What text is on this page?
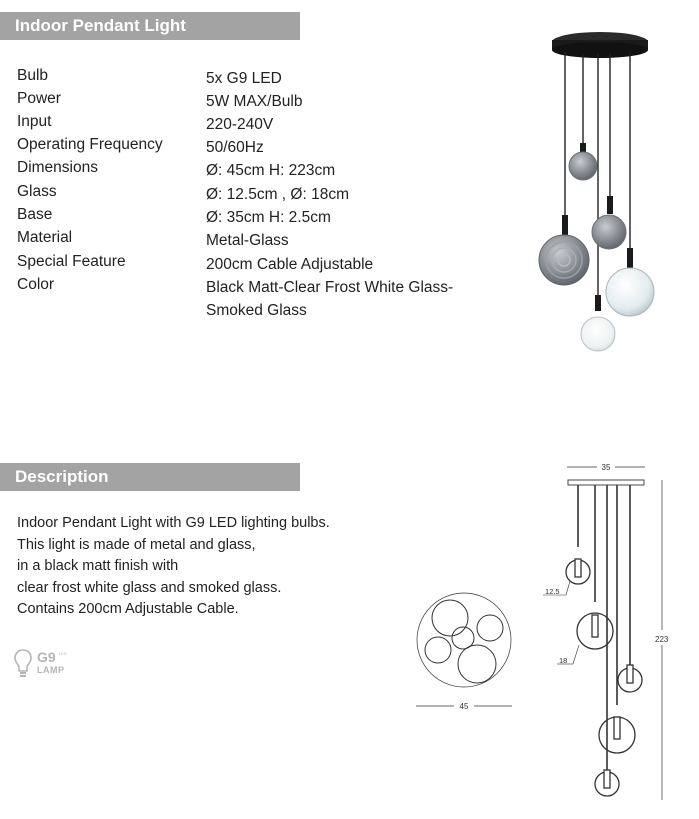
Indoor Pendant Light
Bulb	5x G9 LED
Power	5W MAX/Bulb
Input	220-240V
Operating Frequency	50/60Hz
Dimensions	Ø: 45cm H: 223cm
Glass	Ø: 12.5cm , Ø: 18cm
Base	Ø: 35cm H: 2.5cm
Material	Metal-Glass
Special Feature	200cm Cable Adjustable
Color	Black Matt-Clear Frost White Glass-
Smoked Glass
Description
Indoor Pendant Light with G9 LED lighting bulbs.
This light is made of metal and glass,
in a black matt finish with
clear frost white glass and smoked glass.
Contains 200cm Adjustable Cable.
G9 LED
LAMP
45
35
12.5
18
223
